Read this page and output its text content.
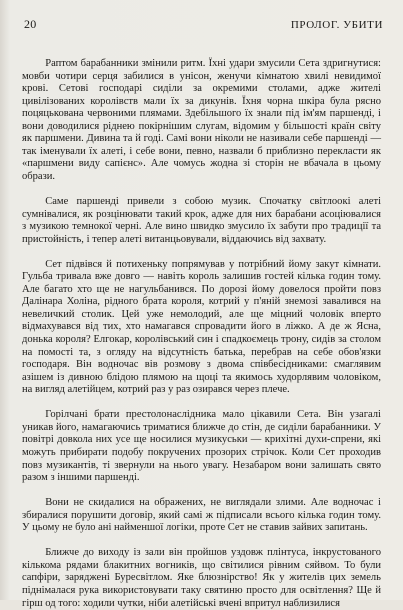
20	ПРОЛОГ. УБИТИ

Раптом барабанники змінили ритм. Їхні удари змусили Сета здригнутися: мовби чотири серця забилися в унісон, женучи кімнатою хвилі невидимої крові. Сетові господарі сиділи за окремими столами, адже жителі цивілізованих королівств мали їх за дикунів. Їхня чорна шкіра була рясно поцяцькована червоними плямами. Здебільшого їх знали під ім'ям паршенді, і вони доводилися ріднею покірнішим слугам, відомим у більшості країн світу як паршмени. Дивина та й годі. Самі вони ніколи не називали себе паршенді — так іменували їх алеті, і себе вони, певно, назвали б приблизно перекласти як «паршмени виду сапієнс». Але чомусь жодна зі сторін не вбачала в цьому образи.

Саме паршенді привели з собою музик. Спочатку світлоокі алеті сумнівалися, як розцінювати такий крок, адже для них барабани асоціювалися з музикою темнокої черні. Але вино швидко змусило їх забути про традиції та пристойність, і тепер алеті витанцьовували, віддаючись від захвату.

Сет підвівся й потихеньку попрямував у потрібний йому закут кімнати. Гульба тривала вже довго — навіть король залишив гостей кілька годин тому. Але багато хто ще не нагульбанився. По дорозі йому довелося пройти повз Далінара Холіна, рідного брата короля, котрий у п'яній знемозі завалився на невеличкий столик. Цей уже немолодий, але ще міцний чоловік вперто відмахувався від тих, хто намагався спровадити його в ліжко. А де ж Ясна, донька короля? Елгокар, королівський син і спадкоємець трону, сидів за столом на помості та, з огляду на відсутність батька, перебрав на себе обов'язки господаря. Він водночас вів розмову з двома співбесідниками: смаглявим азішем із дивною блідою плямою на щоці та якимось худорлявим чоловіком, на вигляд алетійцем, котрий раз у раз озирався через плече.

Горілчані брати престолонаслідника мало цікавили Сета. Він узагалі уникав його, намагаючись триматися ближче до стін, де сиділи барабанники. У повітрі довкола них усе ще носилися музикуськи — крихітні духи-спрени, які можуть прибирати подобу покручених прозорих стрічок. Коли Сет проходив повз музикантів, ті звернули на нього увагу. Незабаром вони залишать свято разом з іншими паршенді.

Вони не скидалися на ображених, не виглядали злими. Але водночас і збиралися порушити договір, який самі ж підписали всього кілька годин тому. У цьому не було ані найменшої логіки, проте Сет не ставив зайвих запитань.

Ближче до виходу із зали він пройшов уздовж плінтуса, інкрустованого кількома рядами блакитних вогників, що світилися рівним сяйвом. То були сапфіри, заряджені Буресвітлом. Яке блюзнірство! Як у жителів цих земель піднімалася рука використовувати таку святиню просто для освітлення? Ще й гірш од того: ходили чутки, ніби алетійські вчені впритул наблизилися
